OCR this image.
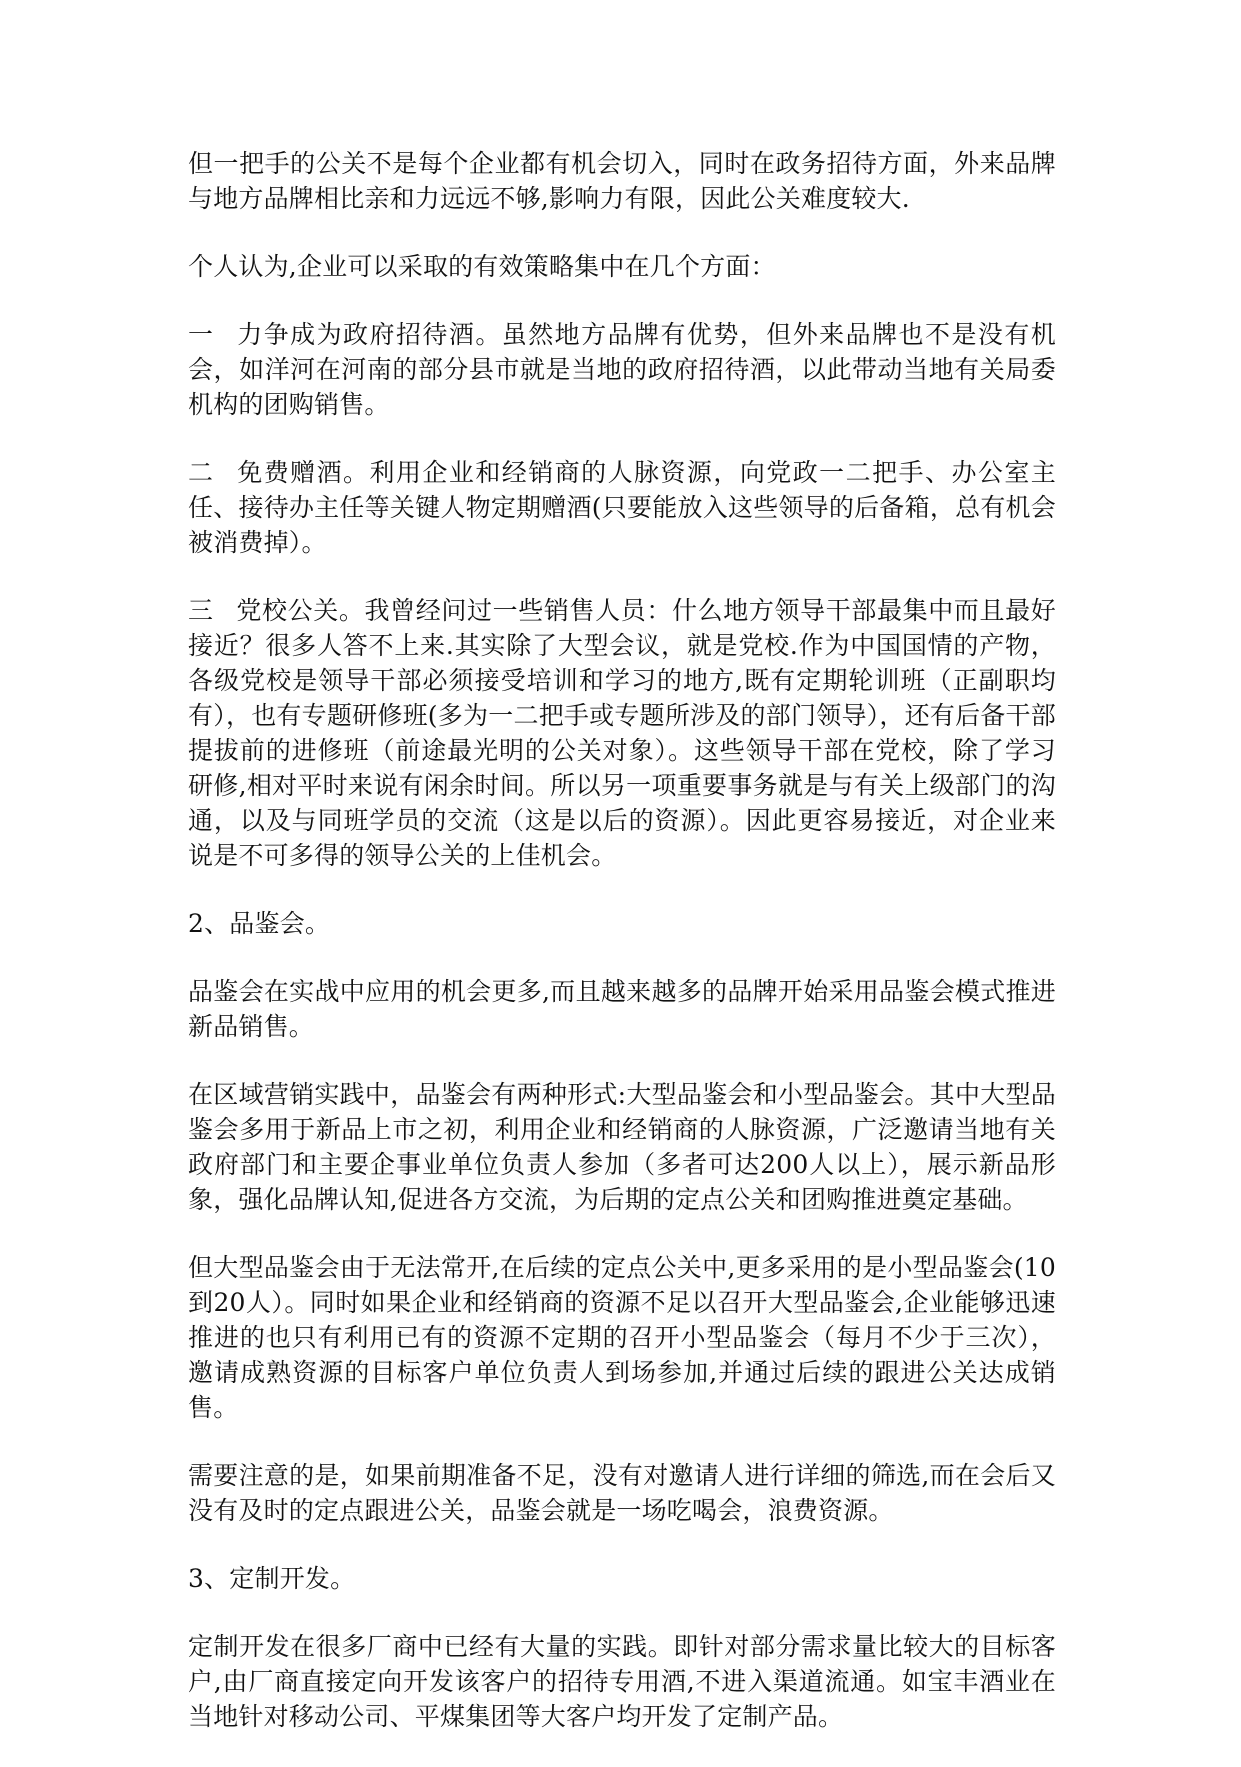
但一把手的公关不是每个企业都有机会切入，同时在政务招待方面，外来品牌与地方品牌相比亲和力远远不够,影响力有限，因此公关难度较大.

个人认为,企业可以采取的有效策略集中在几个方面：

一 力争成为政府招待酒。虽然地方品牌有优势，但外来品牌也不是没有机会，如洋河在河南的部分县市就是当地的政府招待酒，以此带动当地有关局委机构的团购销售。

二 免费赠酒。利用企业和经销商的人脉资源，向党政一二把手、办公室主任、接待办主任等关键人物定期赠酒(只要能放入这些领导的后备箱，总有机会被消费掉）。

三 党校公关。我曾经问过一些销售人员：什么地方领导干部最集中而且最好接近？很多人答不上来.其实除了大型会议，就是党校.作为中国国情的产物，各级党校是领导干部必须接受培训和学习的地方,既有定期轮训班（正副职均有），也有专题研修班(多为一二把手或专题所涉及的部门领导），还有后备干部提拔前的进修班（前途最光明的公关对象）。这些领导干部在党校，除了学习研修,相对平时来说有闲余时间。所以另一项重要事务就是与有关上级部门的沟通，以及与同班学员的交流（这是以后的资源）。因此更容易接近，对企业来说是不可多得的领导公关的上佳机会。

2、品鉴会。

品鉴会在实战中应用的机会更多,而且越来越多的品牌开始采用品鉴会模式推进新品销售。

在区域营销实践中，品鉴会有两种形式:大型品鉴会和小型品鉴会。其中大型品鉴会多用于新品上市之初，利用企业和经销商的人脉资源，广泛邀请当地有关政府部门和主要企事业单位负责人参加（多者可达200人以上），展示新品形象，强化品牌认知,促进各方交流，为后期的定点公关和团购推进奠定基础。

但大型品鉴会由于无法常开,在后续的定点公关中,更多采用的是小型品鉴会(10到20人）。同时如果企业和经销商的资源不足以召开大型品鉴会,企业能够迅速推进的也只有利用已有的资源不定期的召开小型品鉴会（每月不少于三次），邀请成熟资源的目标客户单位负责人到场参加,并通过后续的跟进公关达成销售。

需要注意的是，如果前期准备不足，没有对邀请人进行详细的筛选,而在会后又没有及时的定点跟进公关，品鉴会就是一场吃喝会，浪费资源。

3、定制开发。

定制开发在很多厂商中已经有大量的实践。即针对部分需求量比较大的目标客户,由厂商直接定向开发该客户的招待专用酒,不进入渠道流通。如宝丰酒业在当地针对移动公司、平煤集团等大客户均开发了定制产品。
